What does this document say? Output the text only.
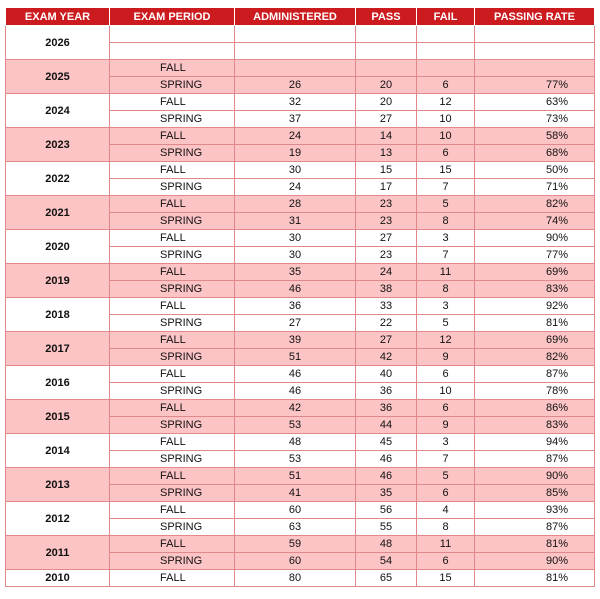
EXAM YEAR	EXAM PERIOD	ADMINISTERED	PASS	FAIL	PASSING RATE
2026					

2025	FALL				
	SPRING	26	20	6	77%
2024	FALL	32	20	12	63%
	SPRING	37	27	10	73%
2023	FALL	24	14	10	58%
	SPRING	19	13	6	68%
2022	FALL	30	15	15	50%
	SPRING	24	17	7	71%
2021	FALL	28	23	5	82%
	SPRING	31	23	8	74%
2020	FALL	30	27	3	90%
	SPRING	30	23	7	77%
2019	FALL	35	24	11	69%
	SPRING	46	38	8	83%
2018	FALL	36	33	3	92%
	SPRING	27	22	5	81%
2017	FALL	39	27	12	69%
	SPRING	51	42	9	82%
2016	FALL	46	40	6	87%
	SPRING	46	36	10	78%
2015	FALL	42	36	6	86%
	SPRING	53	44	9	83%
2014	FALL	48	45	3	94%
	SPRING	53	46	7	87%
2013	FALL	51	46	5	90%
	SPRING	41	35	6	85%
2012	FALL	60	56	4	93%
	SPRING	63	55	8	87%
2011	FALL	59	48	11	81%
	SPRING	60	54	6	90%
2010	FALL	80	65	15	81%
